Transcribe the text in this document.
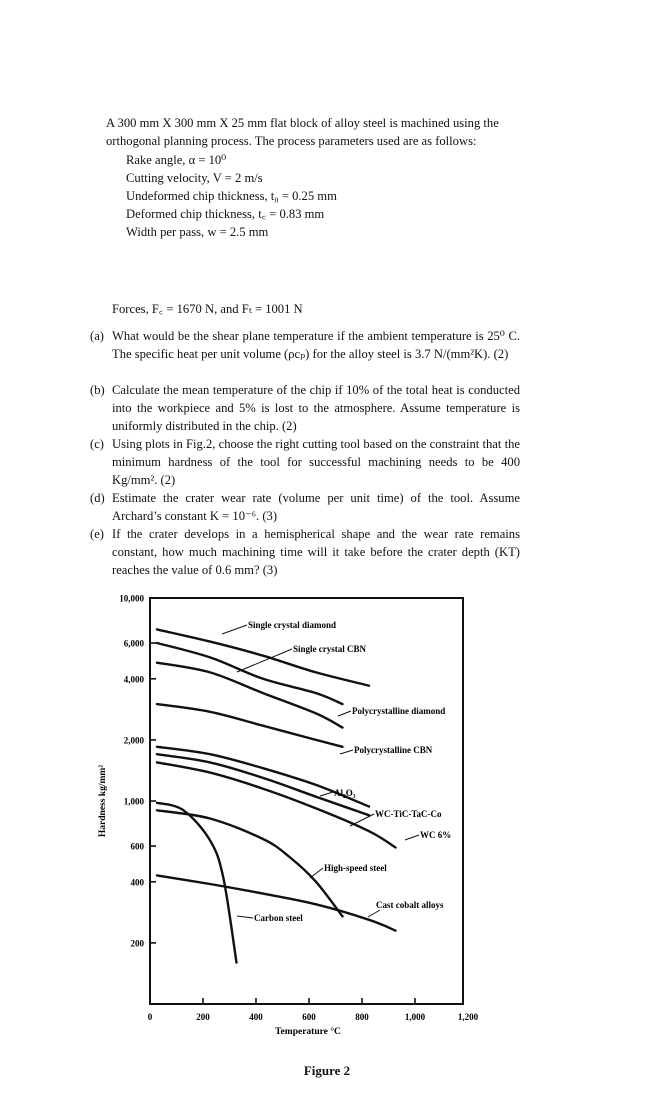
A 300 mm X 300 mm X 25 mm flat block of alloy steel is machined using the orthogonal planning process. The process parameters used are as follows:
Rake angle, α = 10⁰
Cutting velocity, V = 2 m/s
Undeformed chip thickness, t₀ = 0.25 mm
Deformed chip thickness, t꜀ = 0.83 mm
Width per pass, w = 2.5 mm
Forces, F꜀ = 1670 N, and Fₜ = 1001 N
(a) What would be the shear plane temperature if the ambient temperature is 25⁰ C. The specific heat per unit volume (ρcₚ) for the alloy steel is 3.7 N/(mm²K). (2)
(b) Calculate the mean temperature of the chip if 10% of the total heat is conducted into the workpiece and 5% is lost to the atmosphere. Assume temperature is uniformly distributed in the chip. (2)
(c) Using plots in Fig.2, choose the right cutting tool based on the constraint that the minimum hardness of the tool for successful machining needs to be 400 Kg/mm². (2)
(d) Estimate the crater wear rate (volume per unit time) of the tool. Assume Archard’s constant K = 10⁻⁶. (3)
(e) If the crater develops in a hemispherical shape and the wear rate remains constant, how much machining time will it take before the crater depth (KT) reaches the value of 0.6 mm? (3)
10,000
6,000
4,000
2,000
1,000
600
400
200
0	200	400	600	800	1,000	1,200
Single crystal diamond
Single crystal CBN
Polycrystalline diamond
Polycrystalline CBN
Al₂O₃
WC-TiC-TaC-Co
WC 6%
High-speed steel
Cast cobalt alloys
Carbon steel
Hardness kg/mm²
Temperature °C
Figure 2
